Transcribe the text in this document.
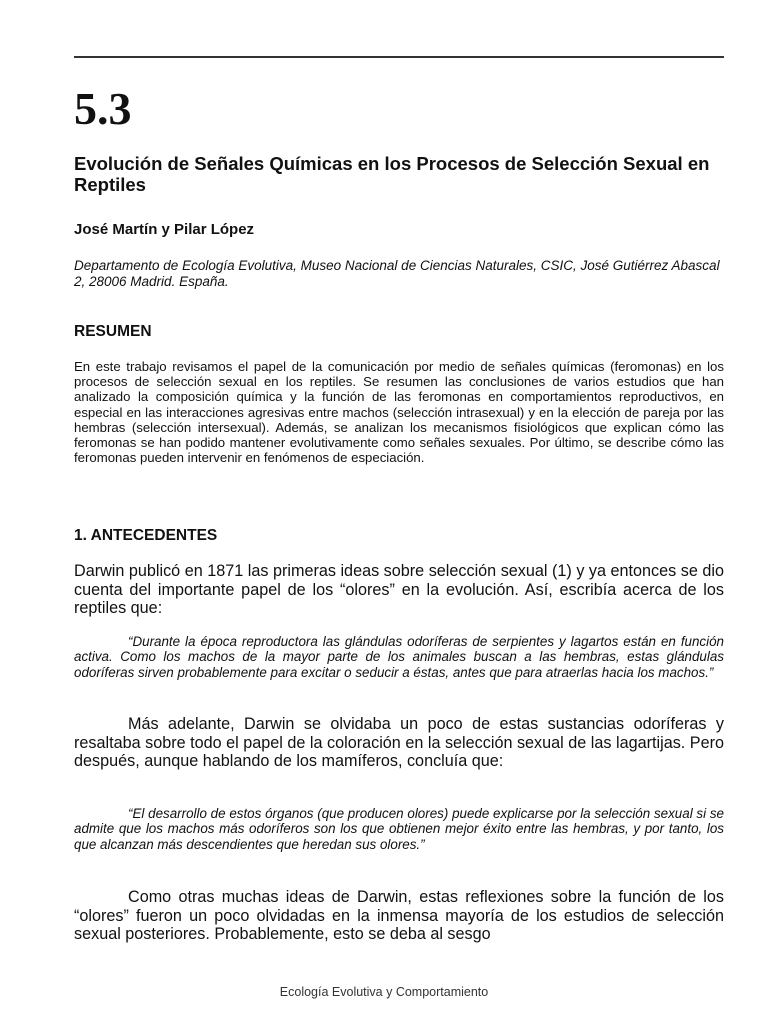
5.3
Evolución de Señales Químicas en los Procesos de Selección Sexual en Reptiles

José Martín y Pilar López

Departamento de Ecología Evolutiva, Museo Nacional de Ciencias Naturales, CSIC, José Gutiérrez Abascal 2, 28006 Madrid. España.

RESUMEN

En este trabajo revisamos el papel de la comunicación por medio de señales químicas (feromonas) en los procesos de selección sexual en los reptiles. Se resumen las conclusiones de varios estudios que han analizado la composición química y la función de las feromonas en comportamientos reproductivos, en especial en las interacciones agresivas entre machos (selección intrasexual) y en la elección de pareja por las hembras (selección intersexual). Además, se analizan los mecanismos fisiológicos que explican cómo las feromonas se han podido mantener evolutivamente como señales sexuales. Por último, se describe cómo las feromonas pueden intervenir en fenómenos de especiación.

1. ANTECEDENTES

Darwin publicó en 1871 las primeras ideas sobre selección sexual (1) y ya entonces se dio cuenta del importante papel de los “olores” en la evolución. Así, escribía acerca de los reptiles que:

“Durante la época reproductora las glándulas odoríferas de serpientes y lagartos están en función activa. Como los machos de la mayor parte de los animales buscan a las hembras, estas glándulas odoríferas sirven probablemente para excitar o seducir a éstas, antes que para atraerlas hacia los machos.”

Más adelante, Darwin se olvidaba un poco de estas sustancias odoríferas y resaltaba sobre todo el papel de la coloración en la selección sexual de las lagartijas. Pero después, aunque hablando de los mamíferos, concluía que:

“El desarrollo de estos órganos (que producen olores) puede explicarse por la selección sexual si se admite que los machos más odoríferos son los que obtienen mejor éxito entre las hembras, y por tanto, los que alcanzan más descendientes que heredan sus olores.”

Como otras muchas ideas de Darwin, estas reflexiones sobre la función de los “olores” fueron un poco olvidadas en la inmensa mayoría de los estudios de selección sexual posteriores. Probablemente, esto se deba al sesgo

Ecología Evolutiva y Comportamiento
